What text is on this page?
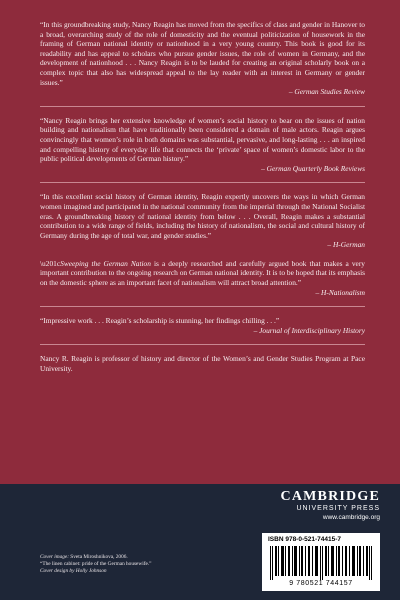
“In this groundbreaking study, Nancy Reagin has moved from the specifics of class and gender in Hanover to a broad, overarching study of the role of domesticity and the eventual politicization of housework in the framing of German national identity or nationhood in a very young country. This book is good for its readability and has appeal to scholars who pursue gender issues, the role of women in Germany, and the development of nationhood . . . Nancy Reagin is to be lauded for creating an original scholarly book on a complex topic that also has widespread appeal to the lay reader with an interest in Germany or gender issues.”
– German Studies Review

“Nancy Reagin brings her extensive knowledge of women’s social history to bear on the issues of nation building and nationalism that have traditionally been considered a domain of male actors. Reagin argues convincingly that women’s role in both domains was substantial, pervasive, and long-lasting . . . an inspired and compelling history of everyday life that connects the ‘private’ space of women’s domestic labor to the public political developments of German history.”
– German Quarterly Book Reviews

“In this excellent social history of German identity, Reagin expertly uncovers the ways in which German women imagined and participated in the national community from the imperial through the National Socialist eras. A groundbreaking history of national identity from below . . . Overall, Reagin makes a substantial contribution to a wide range of fields, including the history of nationalism, the social and cultural history of Germany during the age of total war, and gender studies.”
– H-German

\u201cSweeping the German Nation is a deeply researched and carefully argued book that makes a very important contribution to the ongoing research on German national identity. It is to be hoped that its emphasis on the domestic sphere as an important facet of nationalism will attract broad attention.”
– H-Nationalism

“Impressive work . . . Reagin’s scholarship is stunning, her findings chilling . . .”
– Journal of Interdisciplinary History

Nancy R. Reagin is professor of history and director of the Women’s and Gender Studies Program at Pace University.

CAMBRIDGE
UNIVERSITY PRESS
www.cambridge.org
ISBN 978-0-521-74415-7
9 780521 744157
Cover image: Sveta Miroshnikova, 2006.
“The linen cabinet: pride of the German housewife.”
Cover design by Holly Johnson
